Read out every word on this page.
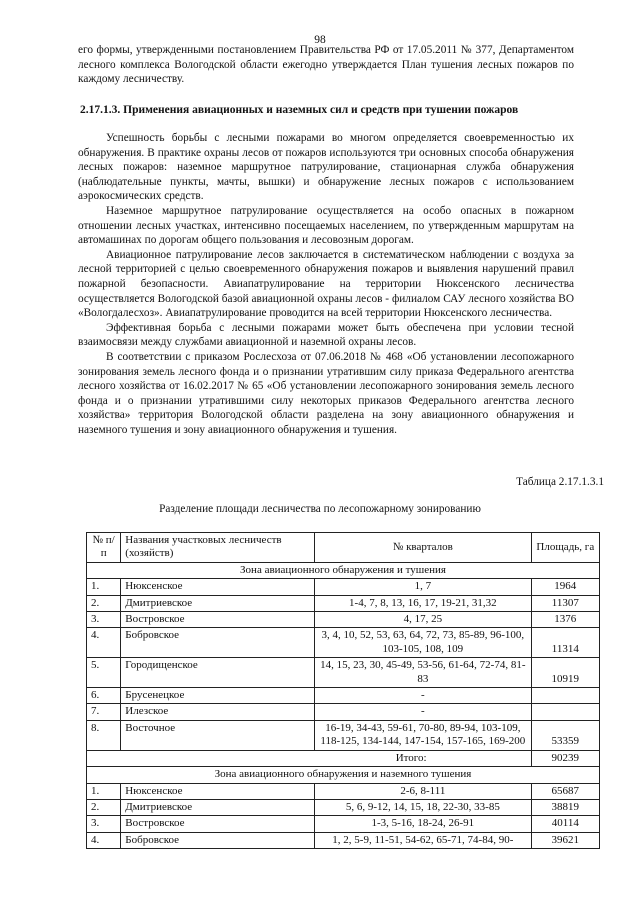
98

его формы, утвержденными постановлением Правительства РФ от 17.05.2011 № 377, Департаментом лесного комплекса Вологодской области ежегодно утверждается План тушения лесных пожаров по каждому лесничеству.

2.17.1.3. Применения авиационных и наземных сил и средств при тушении пожаров

Успешность борьбы с лесными пожарами во многом определяется своевременностью их обнаружения. В практике охраны лесов от пожаров используются три основных способа обнаружения лесных пожаров: наземное маршрутное патрулирование, стационарная служба обнаружения (наблюдательные пункты, мачты, вышки) и обнаружение лесных пожаров с использованием аэрокосмических средств.

Наземное маршрутное патрулирование осуществляется на особо опасных в пожарном отношении лесных участках, интенсивно посещаемых населением, по утвержденным маршрутам на автомашинах по дорогам общего пользования и лесовозным дорогам.

Авиационное патрулирование лесов заключается в систематическом наблюдении с воздуха за лесной территорией с целью своевременного обнаружения пожаров и выявления нарушений правил пожарной безопасности. Авиапатрулирование на территории Нюксенского лесничества осуществляется Вологодской базой авиационной охраны лесов - филиалом САУ лесного хозяйства ВО «Вологдалесхоз». Авиапатрулирование проводится на всей территории Нюксенского лесничества.

Эффективная борьба с лесными пожарами может быть обеспечена при условии тесной взаимосвязи между службами авиационной и наземной охраны лесов.

В соответствии с приказом Рослесхоза от 07.06.2018 № 468 «Об установлении лесопожарного зонирования земель лесного фонда и о признании утратившим силу приказа Федерального агентства лесного хозяйства от 16.02.2017 № 65 «Об установлении лесопожарного зонирования земель лесного фонда и о признании утратившими силу некоторых приказов Федерального агентства лесного хозяйства» территория Вологодской области разделена на зону авиационного обнаружения и наземного тушения и зону авиационного обнаружения и тушения.

Таблица 2.17.1.3.1
Разделение площади лесничества по лесопожарному зонированию
№ п/п	Названия участковых лесничеств (хозяйств)	№ кварталов	Площадь, га
Зона авиационного обнаружения и тушения			
1.	Нюксенское	1, 7	1964
2.	Дмитриевское	1-4, 7, 8, 13, 16, 17, 19-21, 31,32	11307
3.	Востровское	4, 17, 25	1376
4.	Бобровское	3, 4, 10, 52, 53, 63, 64, 72, 73, 85-89, 96-100, 103-105, 108, 109	11314
5.	Городищенское	14, 15, 23, 30, 45-49, 53-56, 61-64, 72-74, 81-83	10919
6.	Брусенецкое	-	
7.	Илезское	-	
8.	Восточное	16-19, 34-43, 59-61, 70-80, 89-94, 103-109, 118-125, 134-144, 147-154, 157-165, 169-200	53359
Итого:			90239
Зона авиационного обнаружения и наземного тушения			
1.	Нюксенское	2-6, 8-111	65687
2.	Дмитриевское	5, 6, 9-12, 14, 15, 18, 22-30, 33-85	38819
3.	Востровское	1-3, 5-16, 18-24, 26-91	40114
4.	Бобровское	1, 2, 5-9, 11-51, 54-62, 65-71, 74-84, 90-	39621
